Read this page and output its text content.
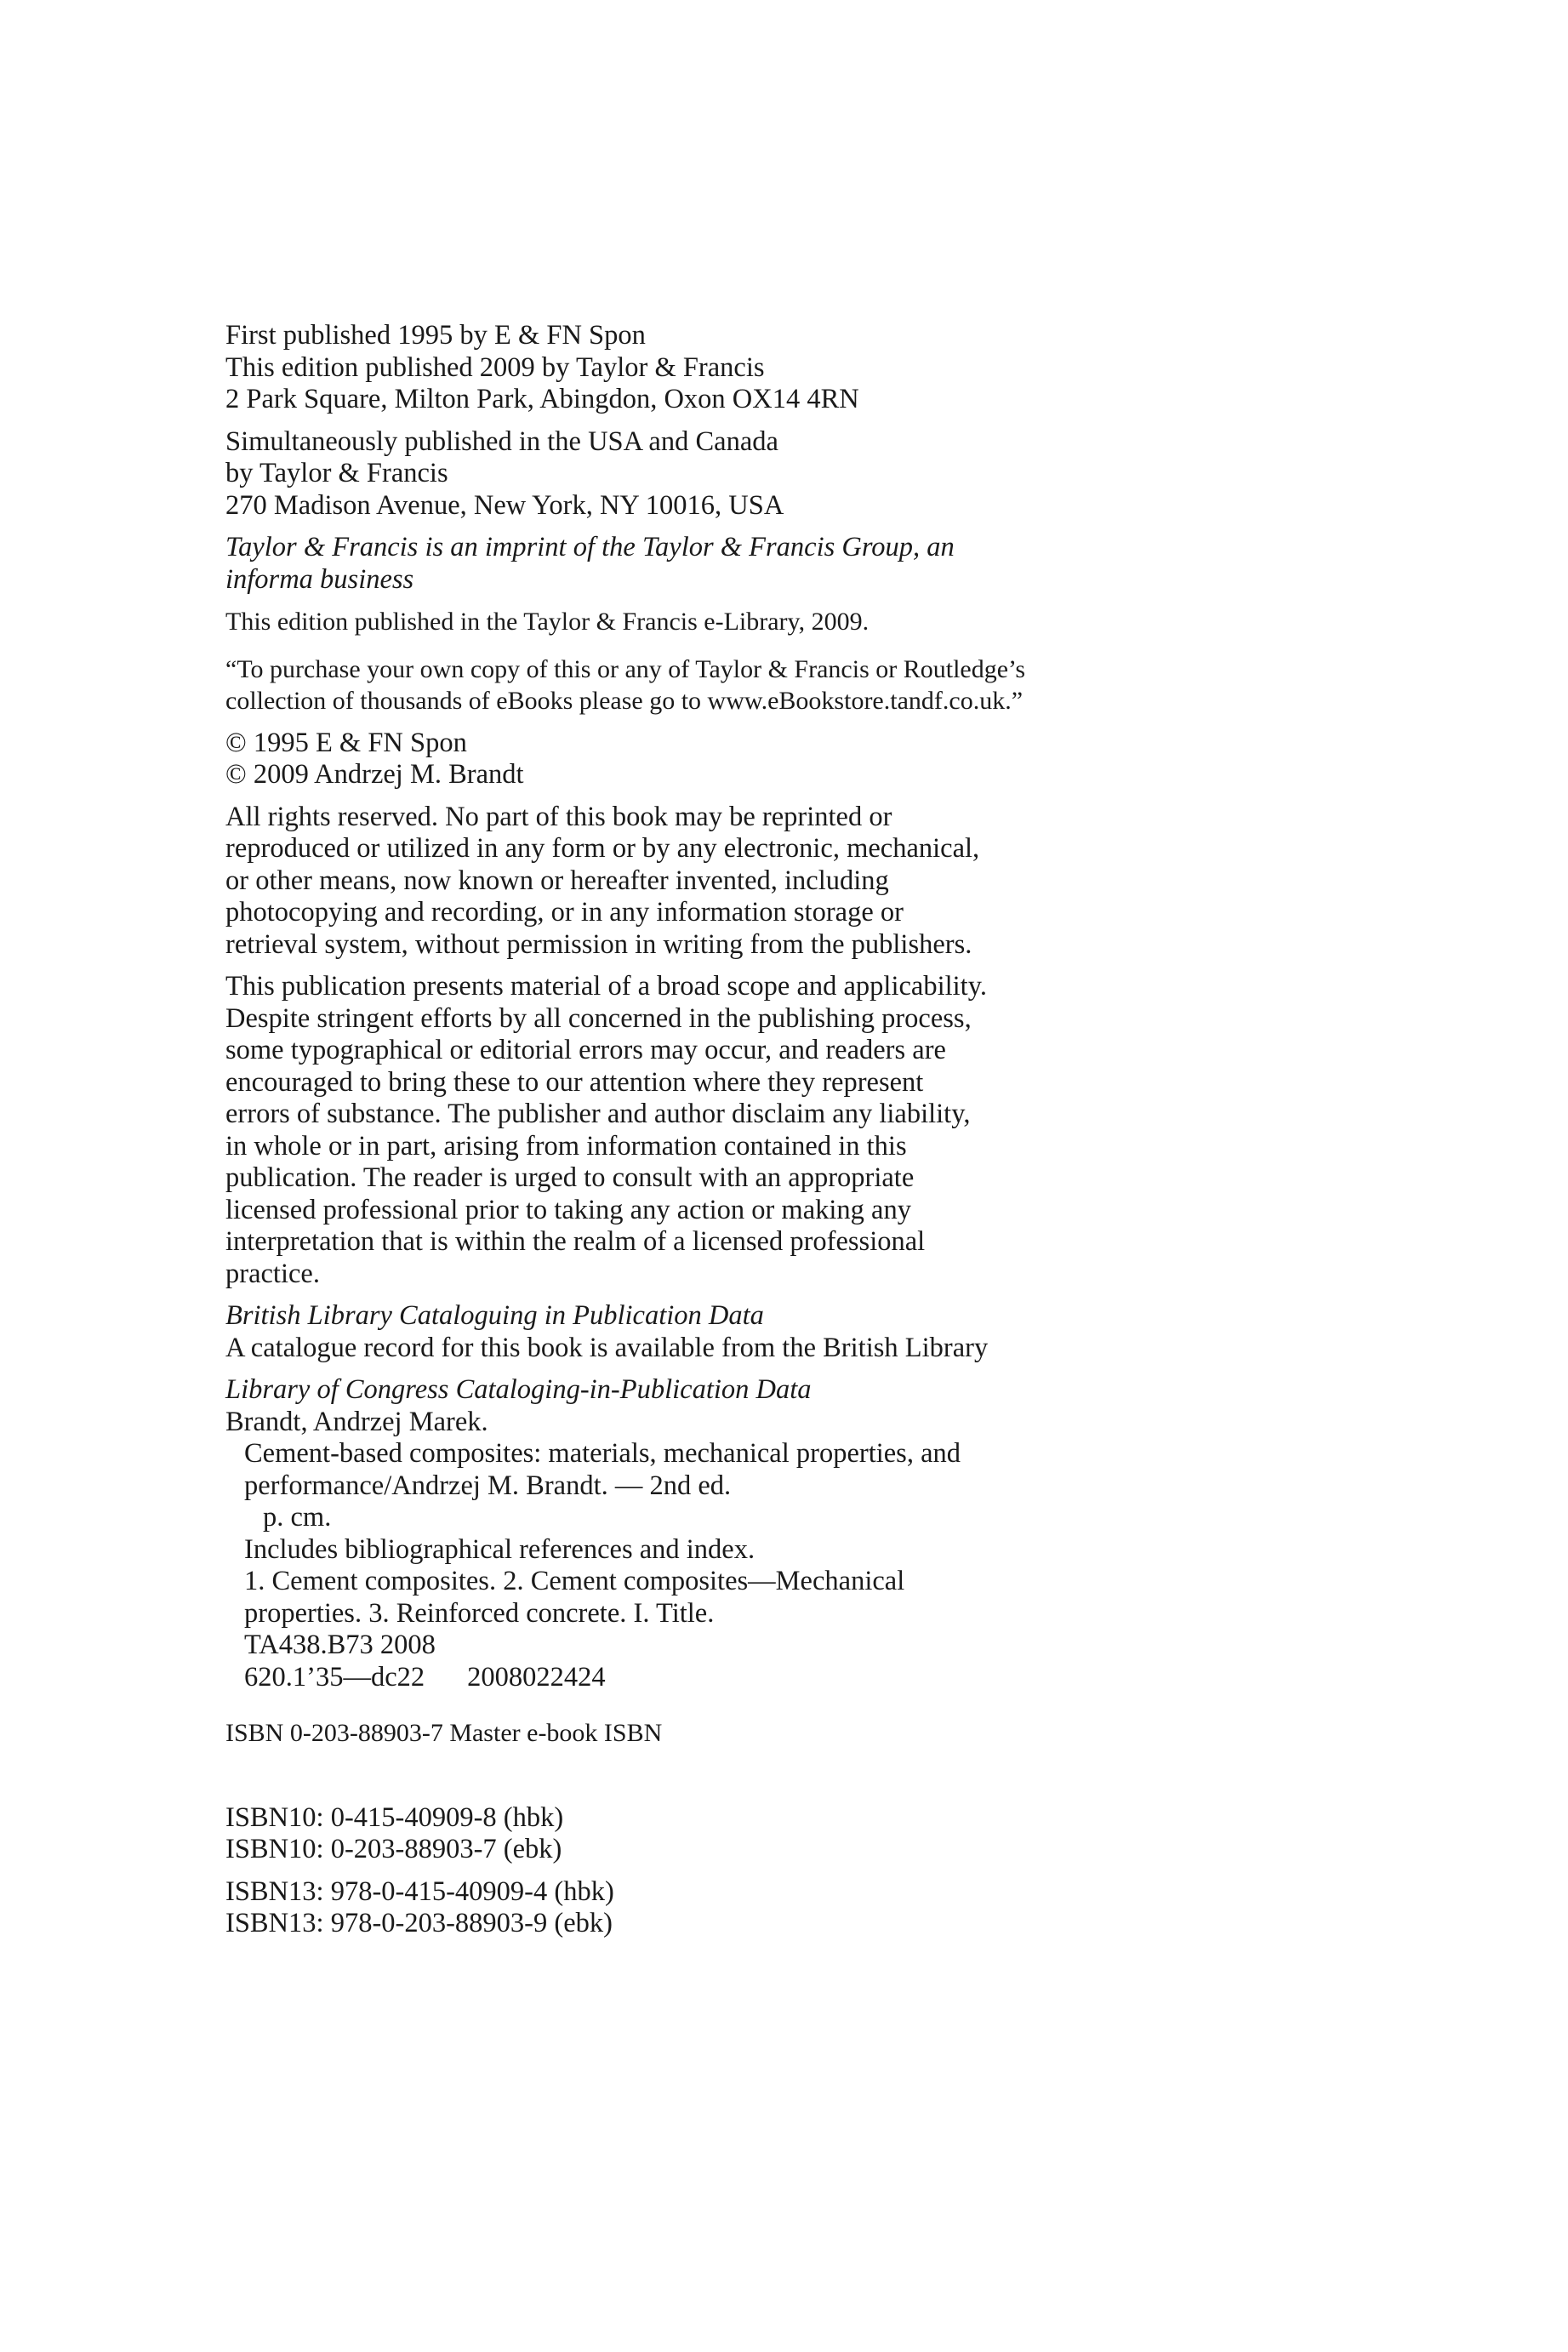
First published 1995 by E & FN Spon
This edition published 2009 by Taylor & Francis
2 Park Square, Milton Park, Abingdon, Oxon OX14 4RN
Simultaneously published in the USA and Canada
by Taylor & Francis
270 Madison Avenue, New York, NY 10016, USA
Taylor & Francis is an imprint of the Taylor & Francis Group, an
informa business
This edition published in the Taylor & Francis e-Library, 2009.
“To purchase your own copy of this or any of Taylor & Francis or Routledge’s
collection of thousands of eBooks please go to www.eBookstore.tandf.co.uk.”
© 1995 E & FN Spon
© 2009 Andrzej M. Brandt
All rights reserved. No part of this book may be reprinted or
reproduced or utilized in any form or by any electronic, mechanical,
or other means, now known or hereafter invented, including
photocopying and recording, or in any information storage or
retrieval system, without permission in writing from the publishers.
This publication presents material of a broad scope and applicability.
Despite stringent efforts by all concerned in the publishing process,
some typographical or editorial errors may occur, and readers are
encouraged to bring these to our attention where they represent
errors of substance. The publisher and author disclaim any liability,
in whole or in part, arising from information contained in this
publication. The reader is urged to consult with an appropriate
licensed professional prior to taking any action or making any
interpretation that is within the realm of a licensed professional
practice.
British Library Cataloguing in Publication Data
A catalogue record for this book is available from the British Library
Library of Congress Cataloging-in-Publication Data
Brandt, Andrzej Marek.
Cement-based composites: materials, mechanical properties, and
performance/Andrzej M. Brandt. — 2nd ed.
p. cm.
Includes bibliographical references and index.
1. Cement composites. 2. Cement composites—Mechanical
properties. 3. Reinforced concrete. I. Title.
TA438.B73 2008
620.1’35—dc22 2008022424
ISBN 0-203-88903-7 Master e-book ISBN
ISBN10: 0-415-40909-8 (hbk)
ISBN10: 0-203-88903-7 (ebk)
ISBN13: 978-0-415-40909-4 (hbk)
ISBN13: 978-0-203-88903-9 (ebk)
